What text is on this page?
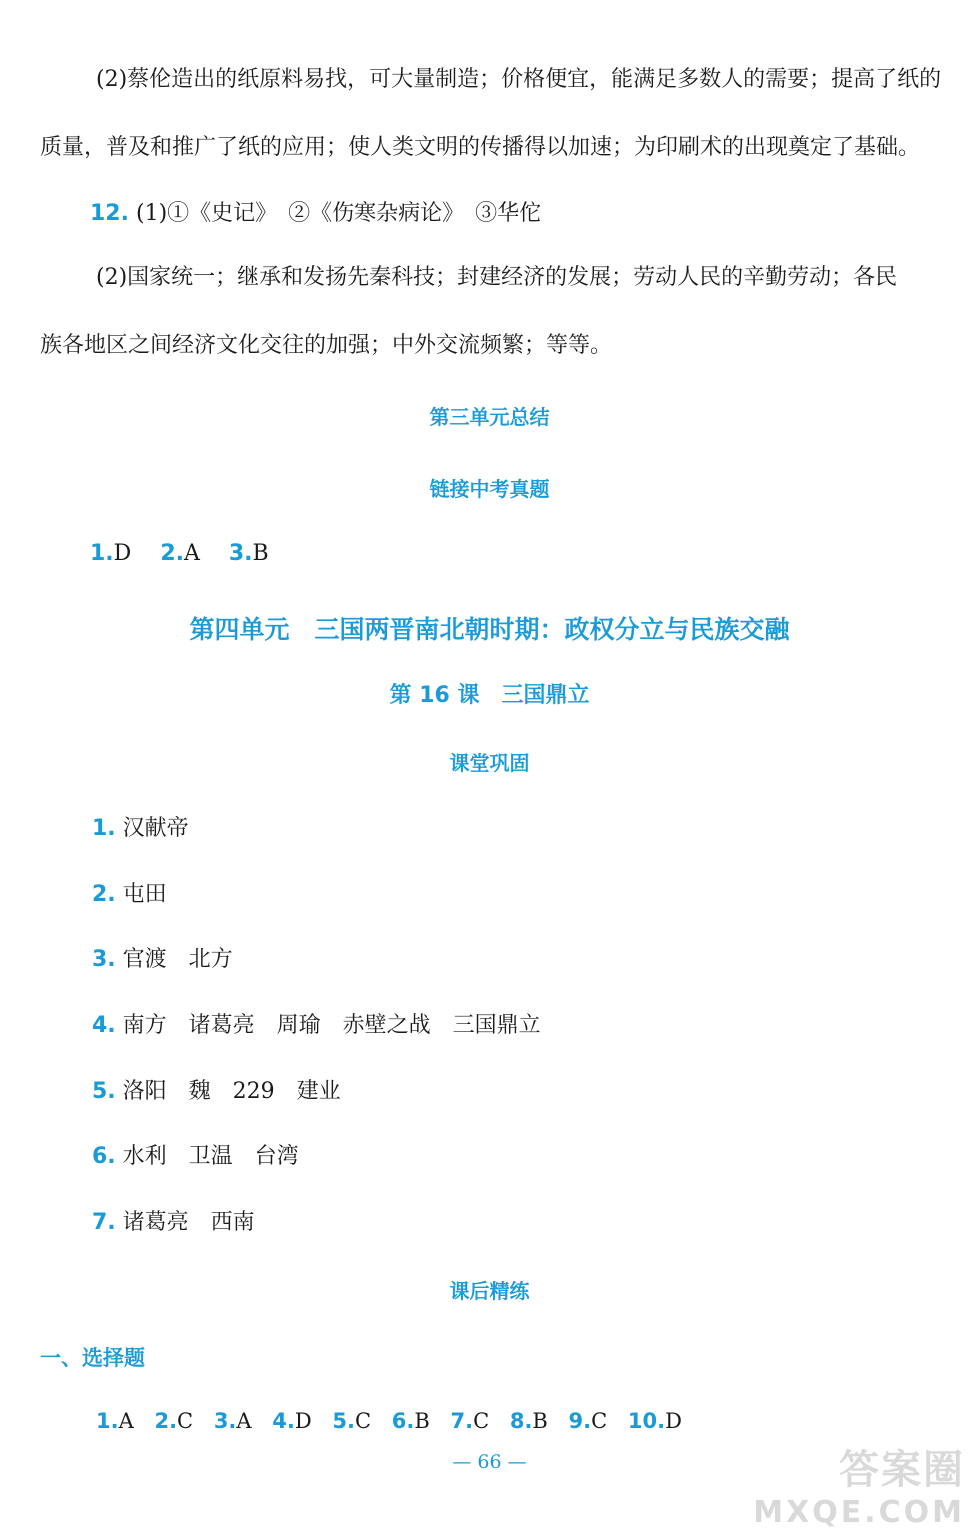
(2)蔡伦造出的纸原料易找，可大量制造；价格便宜，能满足多数人的需要；提高了纸的
质量，普及和推广了纸的应用；使人类文明的传播得以加速；为印刷术的出现奠定了基础。
12. (1)①《史记》　②《伤寒杂病论》　③华佗
(2)国家统一；继承和发扬先秦科技；封建经济的发展；劳动人民的辛勤劳动；各民
族各地区之间经济文化交往的加强；中外交流频繁；等等。
第三单元总结
链接中考真题
1.D 2.A 3.B
第四单元　三国两晋南北朝时期：政权分立与民族交融
第 16 课　三国鼎立
课堂巩固
1. 汉献帝
2. 屯田
3. 官渡　北方
4. 南方　诸葛亮　周瑜　赤壁之战　三国鼎立
5. 洛阳　魏　229　建业
6. 水利　卫温　台湾
7. 诸葛亮　西南
课后精练
一、选择题
1.A 2.C 3.A 4.D 5.C 6.B 7.C 8.B 9.C 10.D
— 66 —	答案圈
MXQE.COM
